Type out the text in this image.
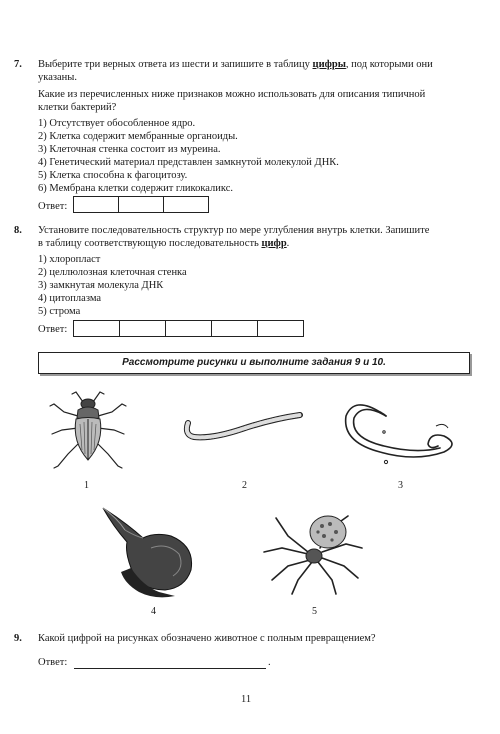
7. Выберите три верных ответа из шести и запишите в таблицу цифры, под которыми они
указаны.
Какие из перечисленных ниже признаков можно использовать для описания типичной
клетки бактерий?
1) Отсутствует обособленное ядро.
2) Клетка содержит мембранные органоиды.
3) Клеточная стенка состоит из муреина.
4) Генетический материал представлен замкнутой молекулой ДНК.
5) Клетка способна к фагоцитозу.
6) Мембрана клетки содержит гликокаликс.
Ответ:
8. Установите последовательность структур по мере углубления внутрь клетки. Запишите
в таблицу соответствующую последовательность цифр.
1) хлоропласт
2) целлюлозная клеточная стенка
3) замкнутая молекула ДНК
4) цитоплазма
5) строма
Ответ:
Рассмотрите рисунки и выполните задания 9 и 10.
1	2	3
4	5
9. Какой цифрой на рисунках обозначено животное с полным превращением?
Ответ:	.
11
